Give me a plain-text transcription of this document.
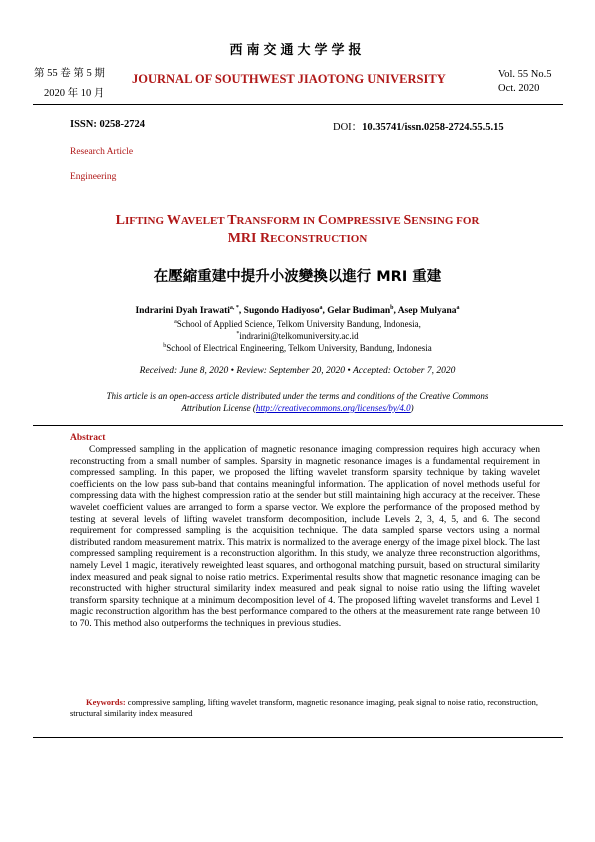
西南交通大学学报
第 55 卷 第 5 期
2020 年 10 月
JOURNAL OF SOUTHWEST JIAOTONG UNIVERSITY	Vol. 55 No.5
Oct. 2020
ISSN: 0258-2724	DOI：10.35741/issn.0258-2724.55.5.15
Research Article
Engineering
LIFTING WAVELET TRANSFORM IN COMPRESSIVE SENSING FOR
MRI RECONSTRUCTION
在壓縮重建中提升小波變換以進行 MRI 重建
Indrarini Dyah Irawati$^{a, *}$, Sugondo Hadiyoso$^a$, Gelar Budiman$^b$, Asep Mulyana$^a$
$^a$School of Applied Science, Telkom University Bandung, Indonesia,
*indrarini@telkomuniversity.ac.id
$^b$School of Electrical Engineering, Telkom University, Bandung, Indonesia
Received: June 8, 2020 • Review: September 20, 2020 • Accepted: October 7, 2020
This article is an open-access article distributed under the terms and conditions of the Creative Commons Attribution License (http://creativecommons.org/licenses/by/4.0)
Abstract
Compressed sampling in the application of magnetic resonance imaging compression requires high accuracy when reconstructing from a small number of samples. Sparsity in magnetic resonance images is a fundamental requirement in compressed sampling. In this paper, we proposed the lifting wavelet transform sparsity technique by taking wavelet coefficients on the low pass sub-band that contains meaningful information. The application of novel methods useful for compressing data with the highest compression ratio at the sender but still maintaining high accuracy at the receiver. These wavelet coefficient values are arranged to form a sparse vector. We explore the performance of the proposed method by testing at several levels of lifting wavelet transform decomposition, include Levels 2, 3, 4, 5, and 6. The second requirement for compressed sampling is the acquisition technique. The data sampled sparse vectors using a normal distributed random measurement matrix. This matrix is normalized to the average energy of the image pixel block. The last compressed sampling requirement is a reconstruction algorithm. In this study, we analyze three reconstruction algorithms, namely Level 1 magic, iteratively reweighted least squares, and orthogonal matching pursuit, based on structural similarity index measured and peak signal to noise ratio metrics. Experimental results show that magnetic resonance imaging can be reconstructed with higher structural similarity index measured and peak signal to noise ratio using the lifting wavelet transform sparsity technique at a minimum decomposition level of 4. The proposed lifting wavelet transforms and Level 1 magic reconstruction algorithm has the best performance compared to the others at the measurement rate range between 10 to 70. This method also outperforms the techniques in previous studies.
Keywords: compressive sampling, lifting wavelet transform, magnetic resonance imaging, peak signal to noise ratio, reconstruction, structural similarity index measured
